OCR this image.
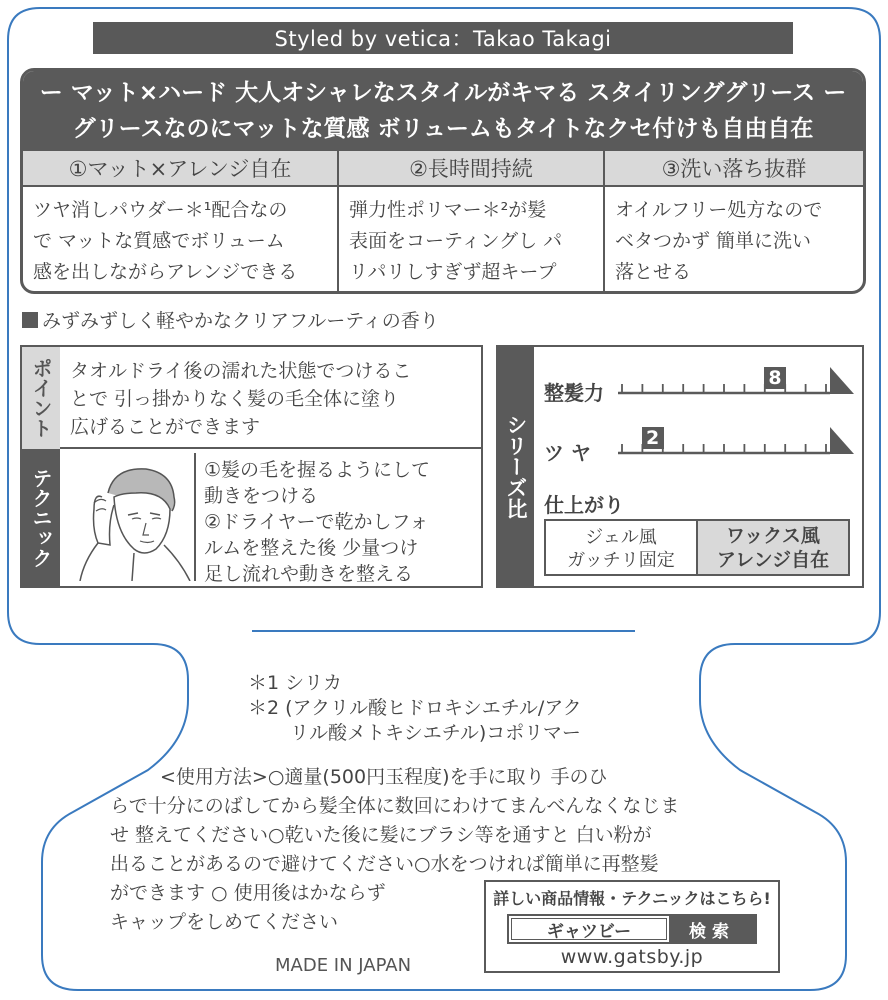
Styled by vetica：Takao Takagi
ー マット×ハード 大人オシャレなスタイルがキマる スタイリンググリース ー
グリースなのにマットな質感 ボリュームもタイトなクセ付けも自由自在
①マット×アレンジ自在
ツヤ消しパウダー＊¹配合なの
で マットな質感でボリューム
感を出しながらアレンジできる
②長時間持続
弾力性ポリマー＊²が髪
表面をコーティングし パ
リパリしすぎず超キープ
③洗い落ち抜群
オイルフリー処方なので
ベタつかず 簡単に洗い
落とせる
みずみずしく軽やかなクリアフルーティの香り
ポイント タオルドライ後の濡れた状態でつけるこ
とで 引っ掛かりなく髪の毛全体に塗り
広げることができます
テクニック	①髪の毛を握るようにして
動きをつける
②ドライヤーで乾かしフォ
ルムを整えた後 少量つけ
足し流れや動きを整える
シリーズ比
整髪力
ツ ヤ
8
2
仕上がり
ジェル風
ガッチリ固定
ワックス風
アレンジ自在
＊1 シリカ
＊2 (アクリル酸ヒドロキシエチル/アク
リル酸メトキシエチル)コポリマー
<使用方法>○適量(500円玉程度)を手に取り 手のひ
らで十分にのばしてから髪全体に数回にわけてまんべんなくなじま
せ 整えてください○乾いた後に髪にブラシ等を通すと 白い粉が
出ることがあるので避けてください○水をつければ簡単に再整髪
ができます ○ 使用後はかならず
キャップをしめてください
MADE IN JAPAN
詳しい商品情報・テクニックはこちら!
ギャツビー	検索
www.gatsby.jp
